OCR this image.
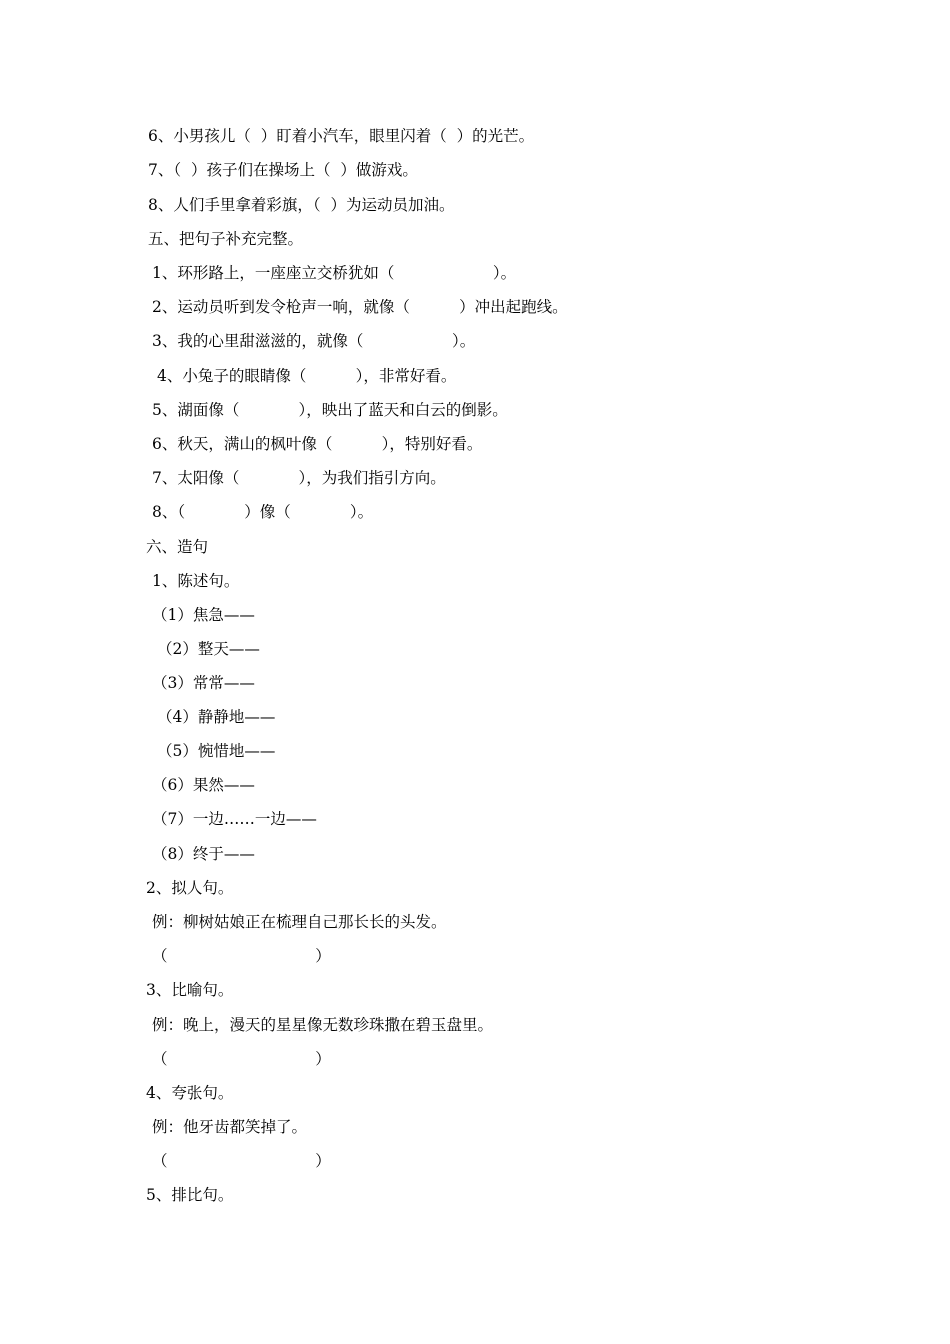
6、小男孩儿（  ）盯着小汽车，眼里闪着（  ）的光芒。
7、（  ）孩子们在操场上（  ）做游戏。
8、人们手里拿着彩旗，（  ）为运动员加油。
五、把句子补充完整。
1、环形路上，一座座立交桥犹如（                    ）。
2、运动员听到发令枪声一响，就像（          ）冲出起跑线。
3、我的心里甜滋滋的，就像（                  ）。
4、小兔子的眼睛像（          ），非常好看。
5、湖面像（            ），映出了蓝天和白云的倒影。
6、秋天，满山的枫叶像（          ），特别好看。
7、太阳像（            ），为我们指引方向。
8、（            ）像（            ）。
六、造句
1、陈述句。
（1）焦急——
（2）整天——
（3）常常——
（4）静静地——
（5）惋惜地——
（6）果然——
（7）一边……一边——
（8）终于——
2、拟人句。
例：柳树姑娘正在梳理自己那长长的头发。
（                              ）
3、比喻句。
例：晚上，漫天的星星像无数珍珠撒在碧玉盘里。
（                              ）
4、夸张句。
例：他牙齿都笑掉了。
（                              ）
5、排比句。
